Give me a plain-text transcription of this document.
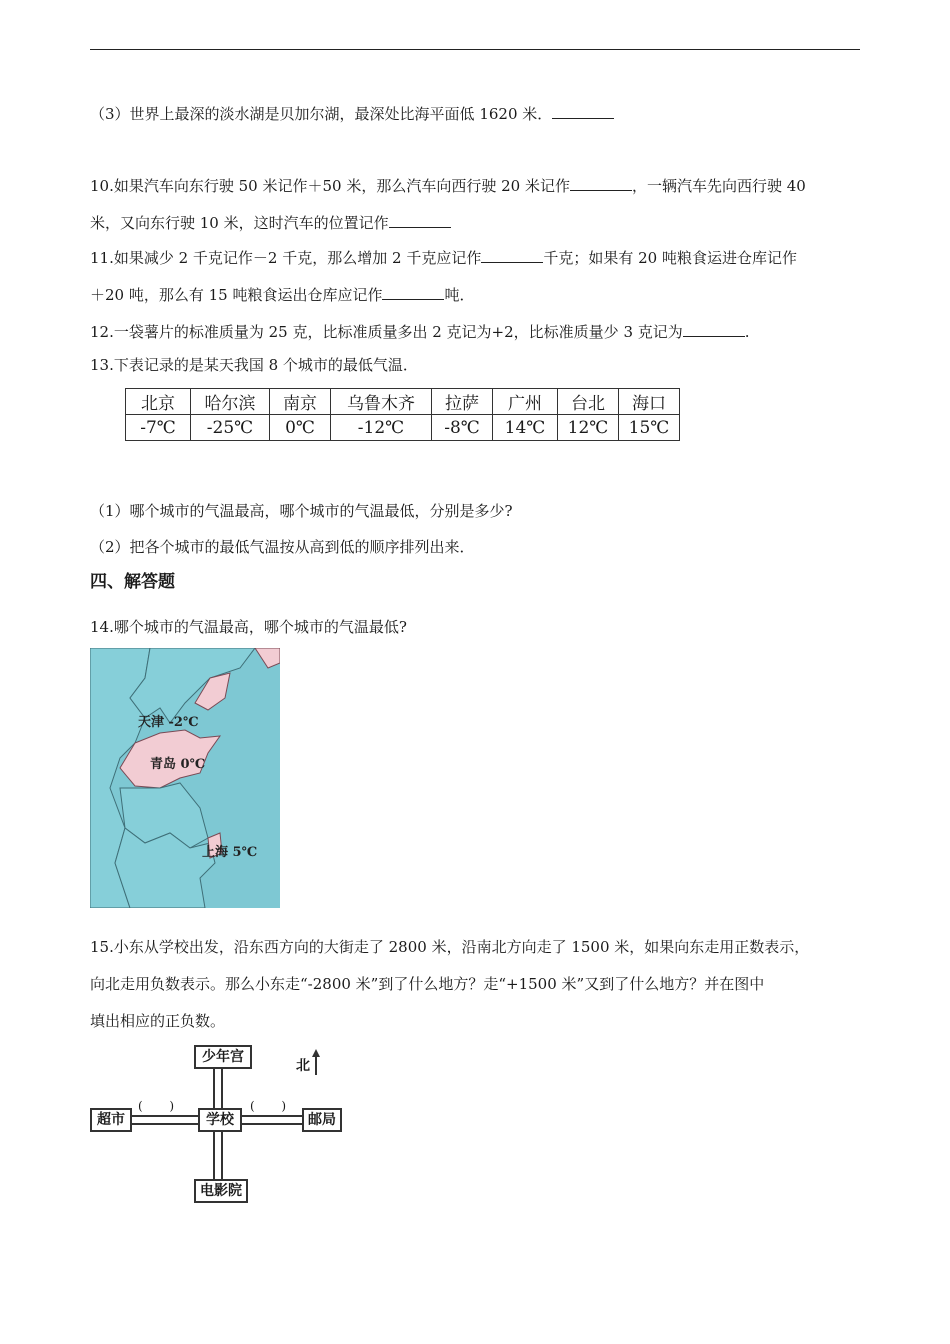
（3）世界上最深的淡水湖是贝加尔湖，最深处比海平面低 1620 米．
10.如果汽车向东行驶 50 米记作＋50 米，那么汽车向西行驶 20 米记作	，一辆汽车先向西行驶 40
米，又向东行驶 10 米，这时汽车的位置记作
11.如果减少 2 千克记作－2 千克，那么增加 2 千克应记作	千克；如果有 20 吨粮食运进仓库记作
＋20 吨，那么有 15 吨粮食运出仓库应记作	吨．
12.一袋薯片的标准质量为 25 克，比标准质量多出 2 克记为+2，比标准质量少 3 克记为	.
13.下表记录的是某天我国 8 个城市的最低气温．
北京	哈尔滨	南京	乌鲁木齐	拉萨	广州	台北	海口
-7℃	-25℃	0℃	-12℃	-8℃	14℃	12℃	15℃
（1）哪个城市的气温最高，哪个城市的气温最低，分别是多少?
（2）把各个城市的最低气温按从高到低的顺序排列出来．
四、解答题
14.哪个城市的气温最高，哪个城市的气温最低?
天津 -2℃
青岛 0℃
上海 5℃
15.小东从学校出发，沿东西方向的大街走了 2800 米，沿南北方向走了 1500 米，如果向东走用正数表示，
向北走用负数表示。那么小东走“-2800 米”到了什么地方？走“+1500 米”又到了什么地方？并在图中
填出相应的正负数。
北
少年宫
超市	学校	邮局
电影院
(       )	(       )
